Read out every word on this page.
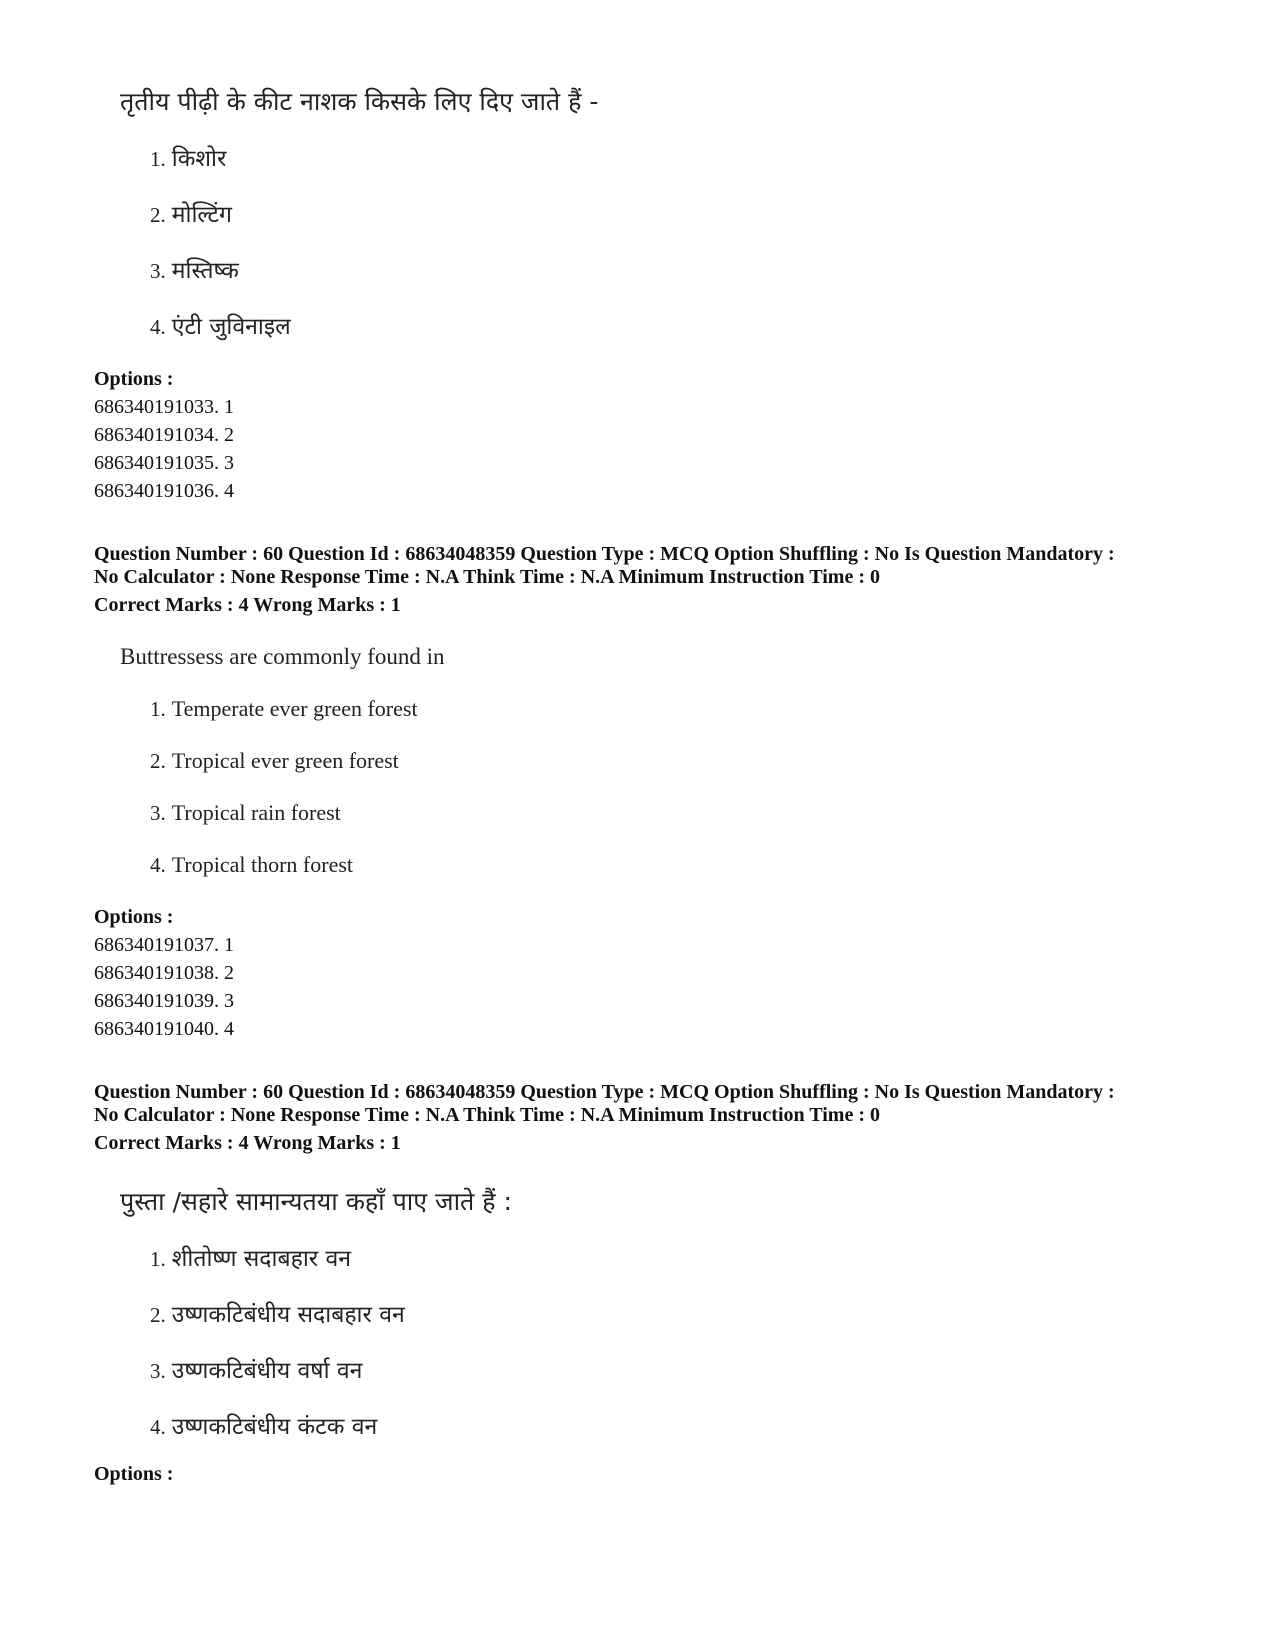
तृतीय पीढ़ी के कीट नाशक किसके लिए दिए जाते हैं -
1. किशोर
2. मोल्टिंग
3. मस्तिष्क
4. एंटी जुविनाइल
Options :
686340191033. 1
686340191034. 2
686340191035. 3
686340191036. 4
Question Number : 60 Question Id : 68634048359 Question Type : MCQ Option Shuffling : No Is Question Mandatory :
No Calculator : None Response Time : N.A Think Time : N.A Minimum Instruction Time : 0
Correct Marks : 4 Wrong Marks : 1
Buttressess are commonly found in
1. Temperate ever green forest
2. Tropical ever green forest
3. Tropical rain forest
4. Tropical thorn forest
Options :
686340191037. 1
686340191038. 2
686340191039. 3
686340191040. 4
Question Number : 60 Question Id : 68634048359 Question Type : MCQ Option Shuffling : No Is Question Mandatory :
No Calculator : None Response Time : N.A Think Time : N.A Minimum Instruction Time : 0
Correct Marks : 4 Wrong Marks : 1
पुस्ता /सहारे सामान्यतया कहाँ पाए जाते हैं :
1. शीतोष्ण सदाबहार वन
2. उष्णकटिबंधीय सदाबहार वन
3. उष्णकटिबंधीय वर्षा वन
4. उष्णकटिबंधीय कंटक वन
Options :
